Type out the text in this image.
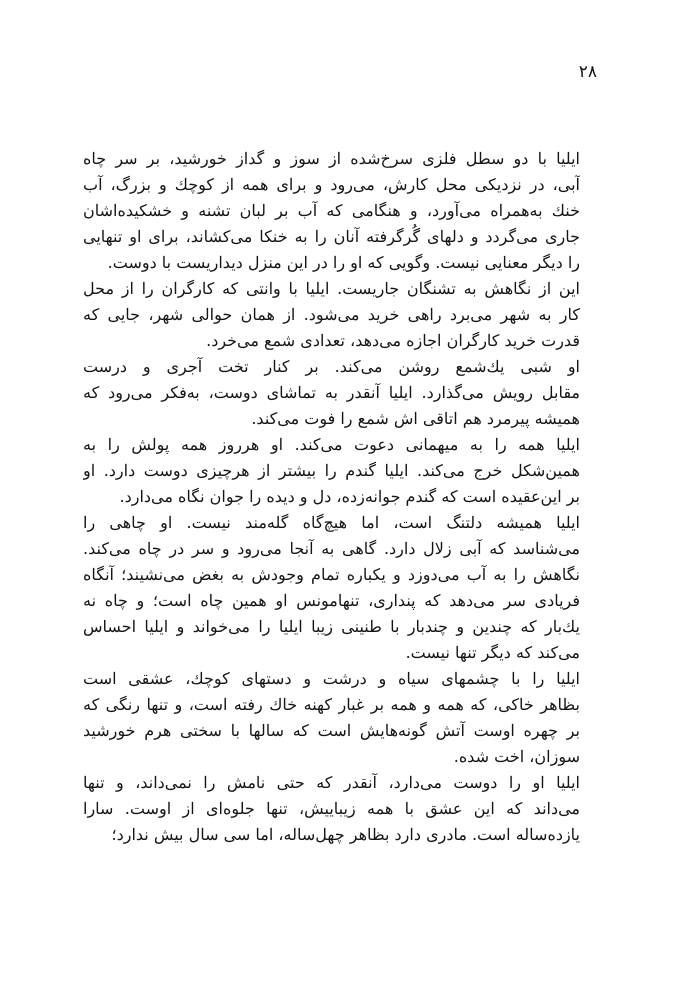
۲۸
ایلیا با دو سطل فلزی سرخ‌شده از سوز و گداز خورشید، بر سر چاه
آبی، در نزدیکی محل کارش، می‌رود و برای همه از کوچك و بزرگ، آب
خنك به‌همراه می‌آورد، و هنگامی که آب بر لبان تشنه و خشکیده‌اشان
جاری می‌گردد و دلهای گُرگرفته آنان را به خنکا می‌کشاند، برای او تنهایی
را دیگر معنایی نیست. وگویی که او را در این منزل دیداریست با دوست.
این از نگاهش به تشنگان جاریست. ایلیا با وانتی که کارگران را از محل
کار به شهر می‌برد راهی خرید می‌شود. از همان حوالی شهر، جایی که
قدرت خرید کارگران اجازه می‌دهد، تعدادی شمع می‌خرد.
او شبی یك‌شمع روشن می‌کند. بر کنار تخت آجری و درست
مقابل رویش می‌گذارد. ایلیا آنقدر به تماشای دوست، به‌فکر می‌رود که
همیشه پیرمرد هم اتاقی اش شمع را فوت می‌کند.
ایلیا همه را به میهمانی دعوت می‌کند. او هرروز همه پولش را به
همین‌شکل خرج می‌کند. ایلیا گندم را بیشتر از هرچیزی دوست دارد. او
بر این‌عقیده است که گندم جوانه‌زده، دل و دیده را جوان نگاه می‌دارد.
ایلیا همیشه دلتنگ است، اما هیچ‌گاه گله‌مند نیست. او چاهی را
می‌شناسد که آبی زلال دارد. گاهی به آنجا می‌رود و سر در چاه می‌کند.
نگاهش را به آب می‌دوزد و یکباره تمام وجودش به بغض می‌نشیند؛ آنگاه
فریادی سر می‌دهد که پنداری، تنهامونس او همین چاه است؛ و چاه نه
یك‌بار که چندین و چندبار با طنینی زیبا ایلیا را می‌خواند و ایلیا احساس
می‌کند که دیگر تنها نیست.
ایلیا را با چشمهای سیاه و درشت و دستهای کوچك، عشقی است
بظاهر خاکی، که همه و همه بر غبار کهنه خاك رفته است، و تنها رنگی که
بر چهره اوست آتش گونه‌هایش است که سالها با سختی هرم خورشید
سوزان، اخت شده.
ایلیا او را دوست می‌دارد، آنقدر که حتی نامش را نمی‌داند، و تنها
می‌داند که این عشق با همه زیباییش، تنها جلوه‌ای از اوست. سارا
یازده‌ساله است. مادری دارد بظاهر چهل‌ساله، اما سی سال بیش ندارد؛
